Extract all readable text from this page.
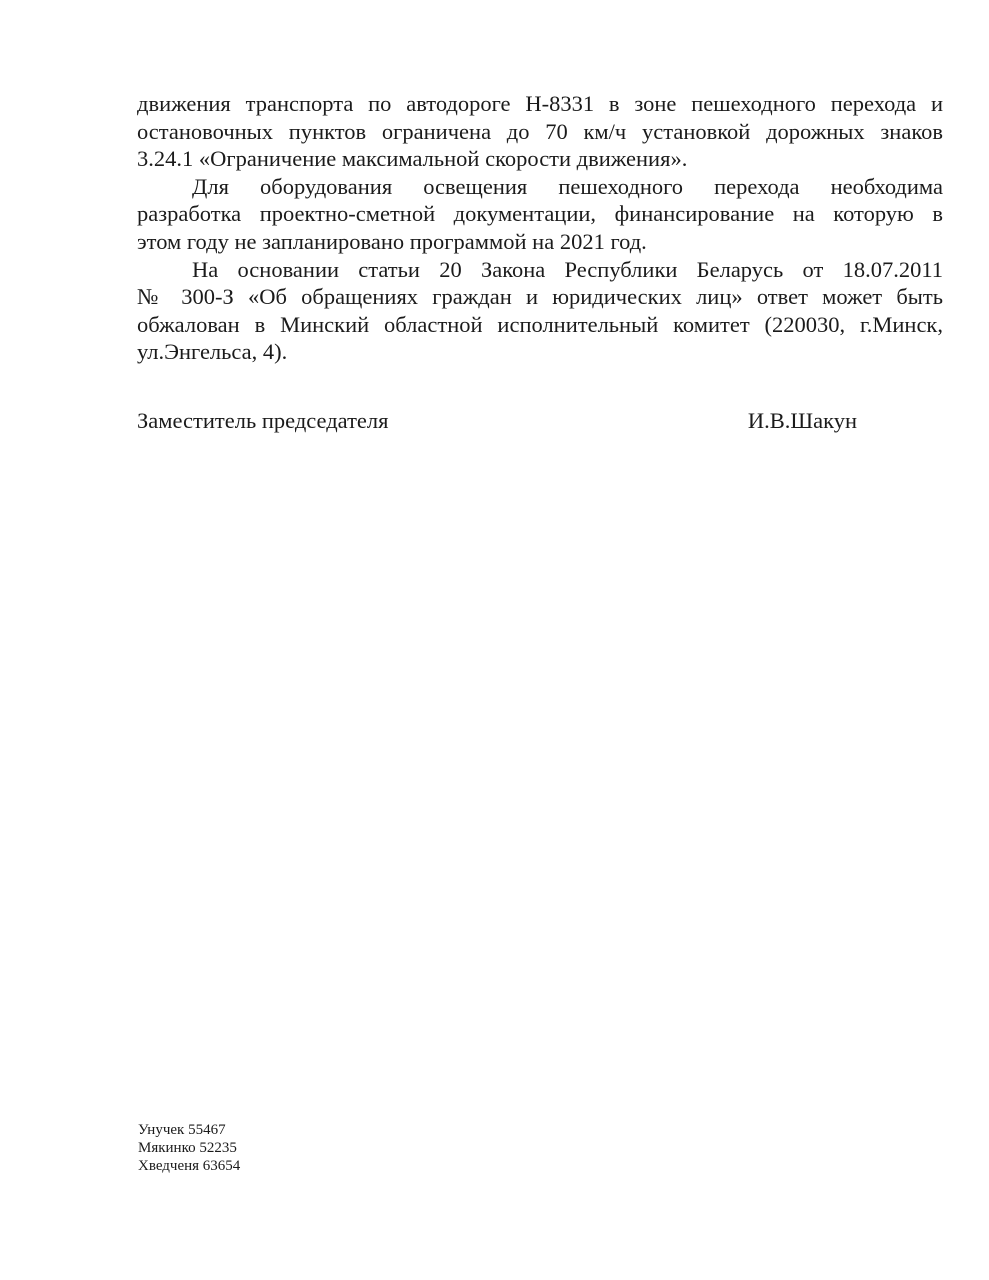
движения транспорта по автодороге Н-8331 в зоне пешеходного перехода и
остановочных пунктов ограничена до 70 км/ч установкой дорожных знаков
3.24.1 «Ограничение максимальной скорости движения».
Для оборудования освещения пешеходного перехода необходима
разработка проектно-сметной документации, финансирование на которую в
этом году не запланировано программой на 2021 год.
На основании статьи 20 Закона Республики Беларусь от 18.07.2011
№ 300-З «Об обращениях граждан и юридических лиц» ответ может быть
обжалован в Минский областной исполнительный комитет (220030, г.Минск,
ул.Энгельса, 4).
Заместитель председателя	И.В.Шакун
Унучек 55467
Мякинко 52235
Хведченя 63654
